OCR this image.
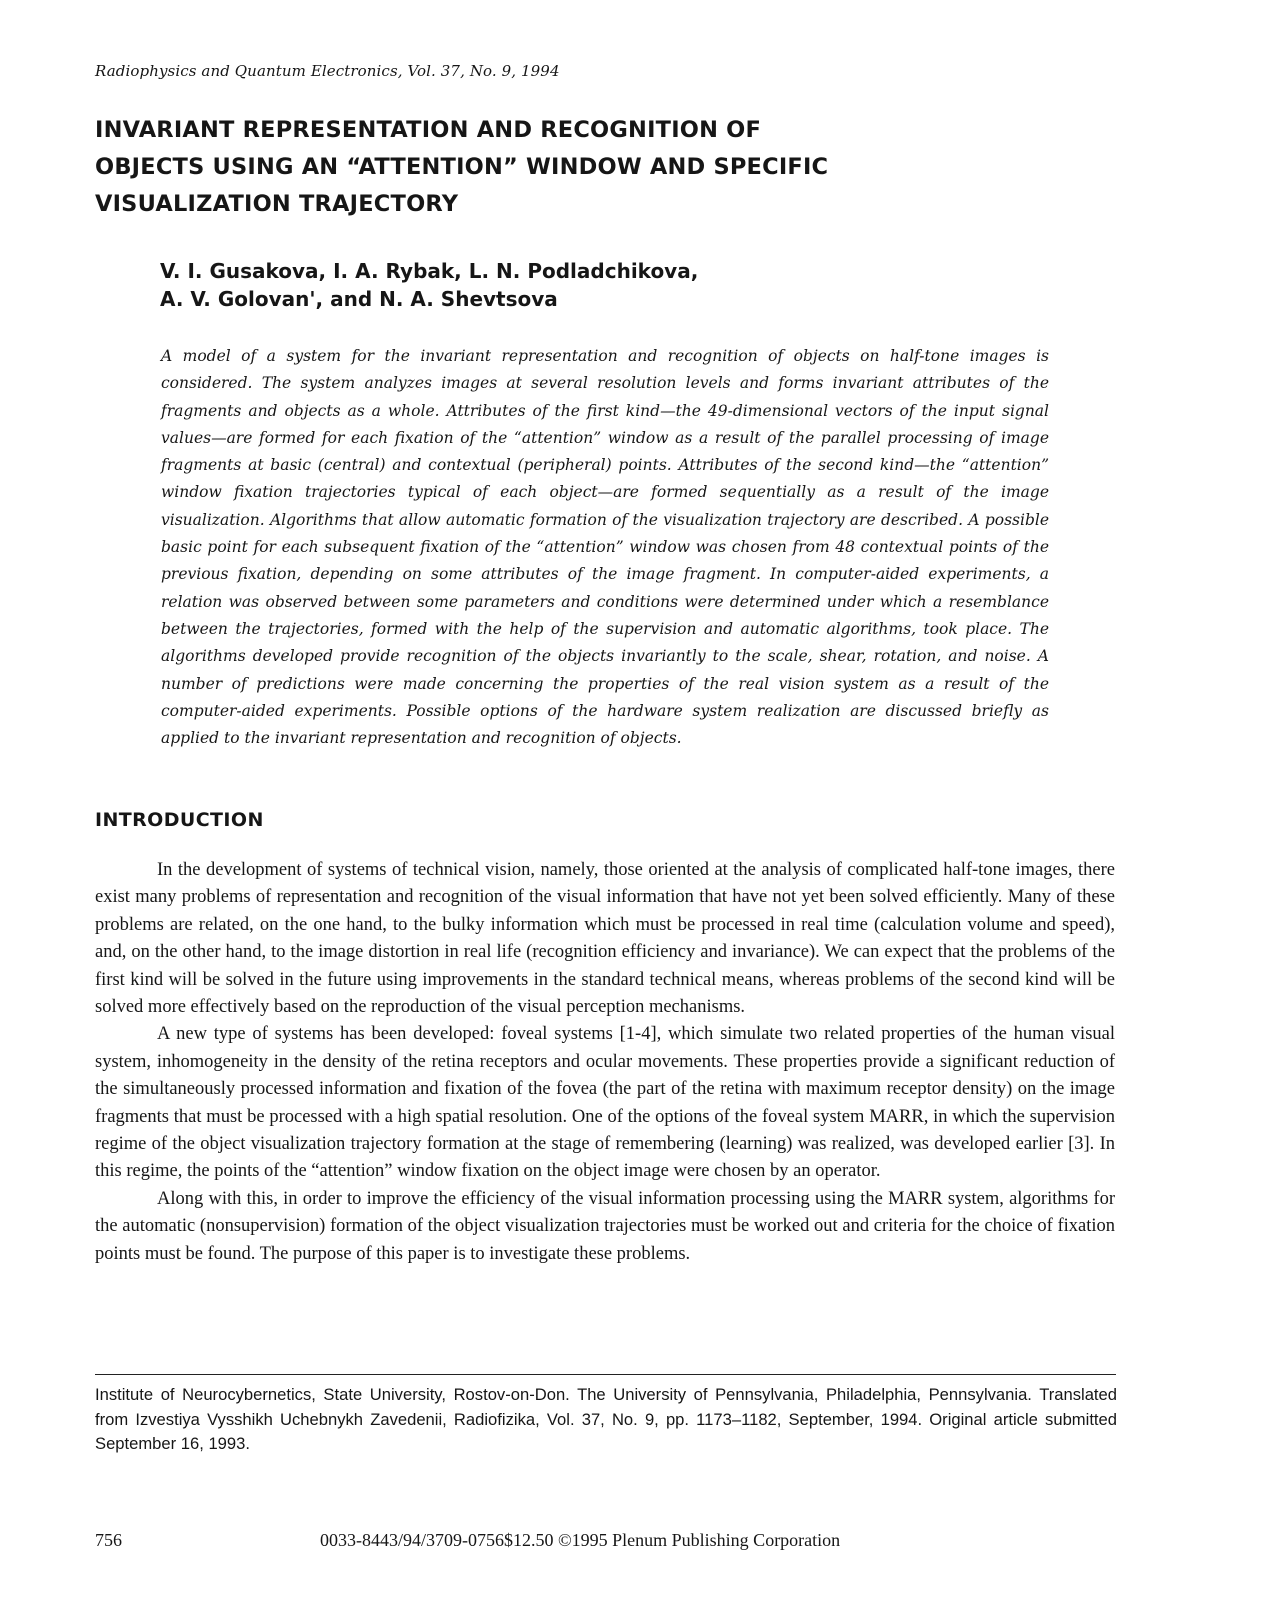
Radiophysics and Quantum Electronics, Vol. 37, No. 9, 1994
INVARIANT REPRESENTATION AND RECOGNITION OF OBJECTS USING AN “ATTENTION” WINDOW AND SPECIFIC VISUALIZATION TRAJECTORY
V. I. Gusakova, I. A. Rybak, L. N. Podladchikova,
A. V. Golovan', and N. A. Shevtsova
A model of a system for the invariant representation and recognition of objects on half-tone images is considered. The system analyzes images at several resolution levels and forms invariant attributes of the fragments and objects as a whole. Attributes of the first kind—the 49-dimensional vectors of the input signal values—are formed for each fixation of the “attention” window as a result of the parallel processing of image fragments at basic (central) and contextual (peripheral) points. Attributes of the second kind—the “attention” window fixation trajectories typical of each object—are formed sequentially as a result of the image visualization. Algorithms that allow automatic formation of the visualization trajectory are described. A possible basic point for each subsequent fixation of the “attention” window was chosen from 48 contextual points of the previous fixation, depending on some attributes of the image fragment. In computer-aided experiments, a relation was observed between some parameters and conditions were determined under which a resemblance between the trajectories, formed with the help of the supervision and automatic algorithms, took place. The algorithms developed provide recognition of the objects invariantly to the scale, shear, rotation, and noise. A number of predictions were made concerning the properties of the real vision system as a result of the computer-aided experiments. Possible options of the hardware system realization are discussed briefly as applied to the invariant representation and recognition of objects.
INTRODUCTION

In the development of systems of technical vision, namely, those oriented at the analysis of complicated half-tone images, there exist many problems of representation and recognition of the visual information that have not yet been solved efficiently. Many of these problems are related, on the one hand, to the bulky information which must be processed in real time (calculation volume and speed), and, on the other hand, to the image distortion in real life (recognition efficiency and invariance). We can expect that the problems of the first kind will be solved in the future using improvements in the standard technical means, whereas problems of the second kind will be solved more effectively based on the reproduction of the visual perception mechanisms.

A new type of systems has been developed: foveal systems [1-4], which simulate two related properties of the human visual system, inhomogeneity in the density of the retina receptors and ocular movements. These properties provide a significant reduction of the simultaneously processed information and fixation of the fovea (the part of the retina with maximum receptor density) on the image fragments that must be processed with a high spatial resolution. One of the options of the foveal system MARR, in which the supervision regime of the object visualization trajectory formation at the stage of remembering (learning) was realized, was developed earlier [3]. In this regime, the points of the “attention” window fixation on the object image were chosen by an operator.

Along with this, in order to improve the efficiency of the visual information processing using the MARR system, algorithms for the automatic (nonsupervision) formation of the object visualization trajectories must be worked out and criteria for the choice of fixation points must be found. The purpose of this paper is to investigate these problems.

Institute of Neurocybernetics, State University, Rostov-on-Don. The University of Pennsylvania, Philadelphia, Pennsylvania. Translated from Izvestiya Vysshikh Uchebnykh Zavedenii, Radiofizika, Vol. 37, No. 9, pp. 1173–1182, September, 1994. Original article submitted September 16, 1993.
756	0033-8443/94/3709-0756$12.50 ©1995 Plenum Publishing Corporation
